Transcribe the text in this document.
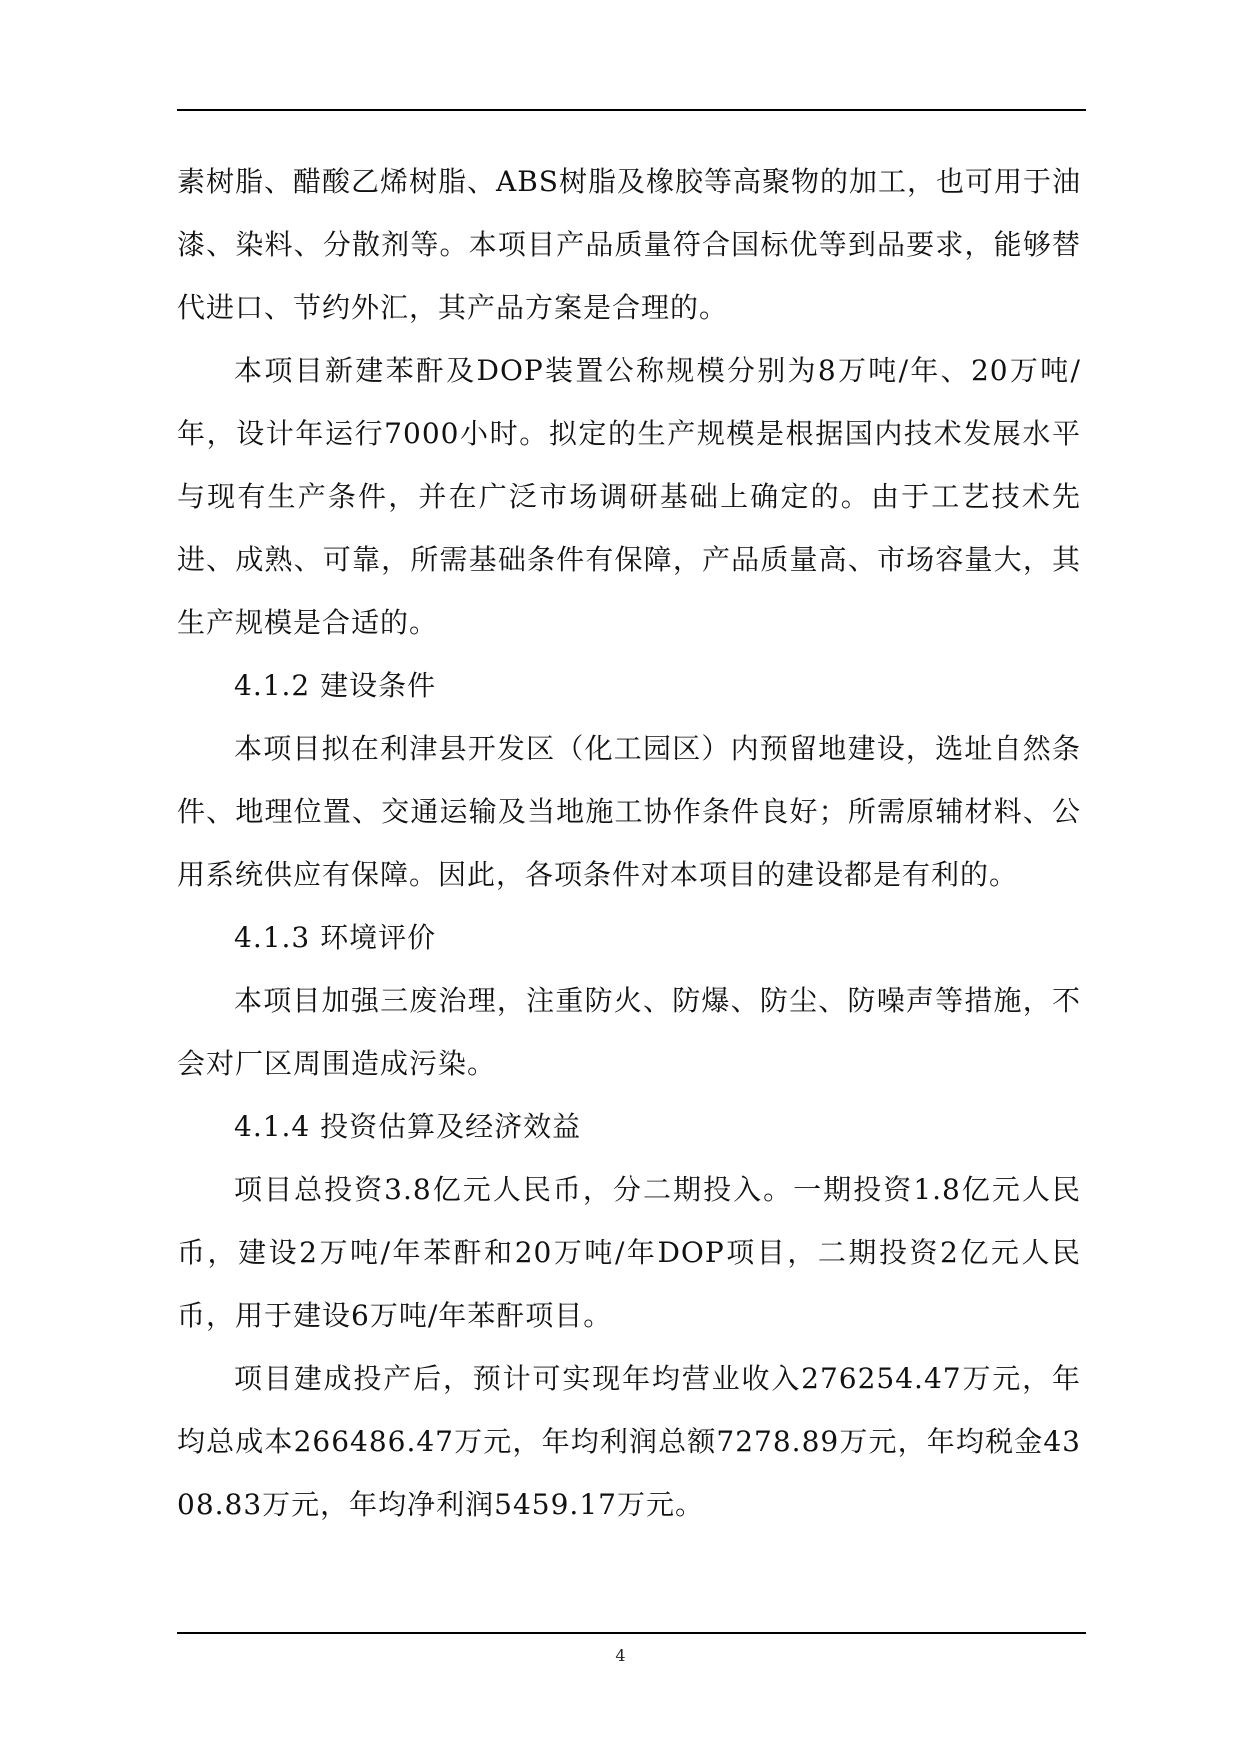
素树脂、醋酸乙烯树脂、ABS树脂及橡胶等高聚物的加工，也可用于油漆、染料、分散剂等。本项目产品质量符合国标优等到品要求，能够替代进口、节约外汇，其产品方案是合理的。

本项目新建苯酐及DOP装置公称规模分别为8万吨/年、20万吨/年，设计年运行7000小时。拟定的生产规模是根据国内技术发展水平与现有生产条件，并在广泛市场调研基础上确定的。由于工艺技术先进、成熟、可靠，所需基础条件有保障，产品质量高、市场容量大，其生产规模是合适的。

4.1.2 建设条件

本项目拟在利津县开发区（化工园区）内预留地建设，选址自然条件、地理位置、交通运输及当地施工协作条件良好；所需原辅材料、公用系统供应有保障。因此，各项条件对本项目的建设都是有利的。

4.1.3 环境评价

本项目加强三废治理，注重防火、防爆、防尘、防噪声等措施，不会对厂区周围造成污染。

4.1.4 投资估算及经济效益

项目总投资3.8亿元人民币，分二期投入。一期投资1.8亿元人民币，建设2万吨/年苯酐和20万吨/年DOP项目，二期投资2亿元人民币，用于建设6万吨/年苯酐项目。

项目建成投产后，预计可实现年均营业收入276254.47万元，年均总成本266486.47万元，年均利润总额7278.89万元，年均税金4308.83万元，年均净利润5459.17万元。

4
